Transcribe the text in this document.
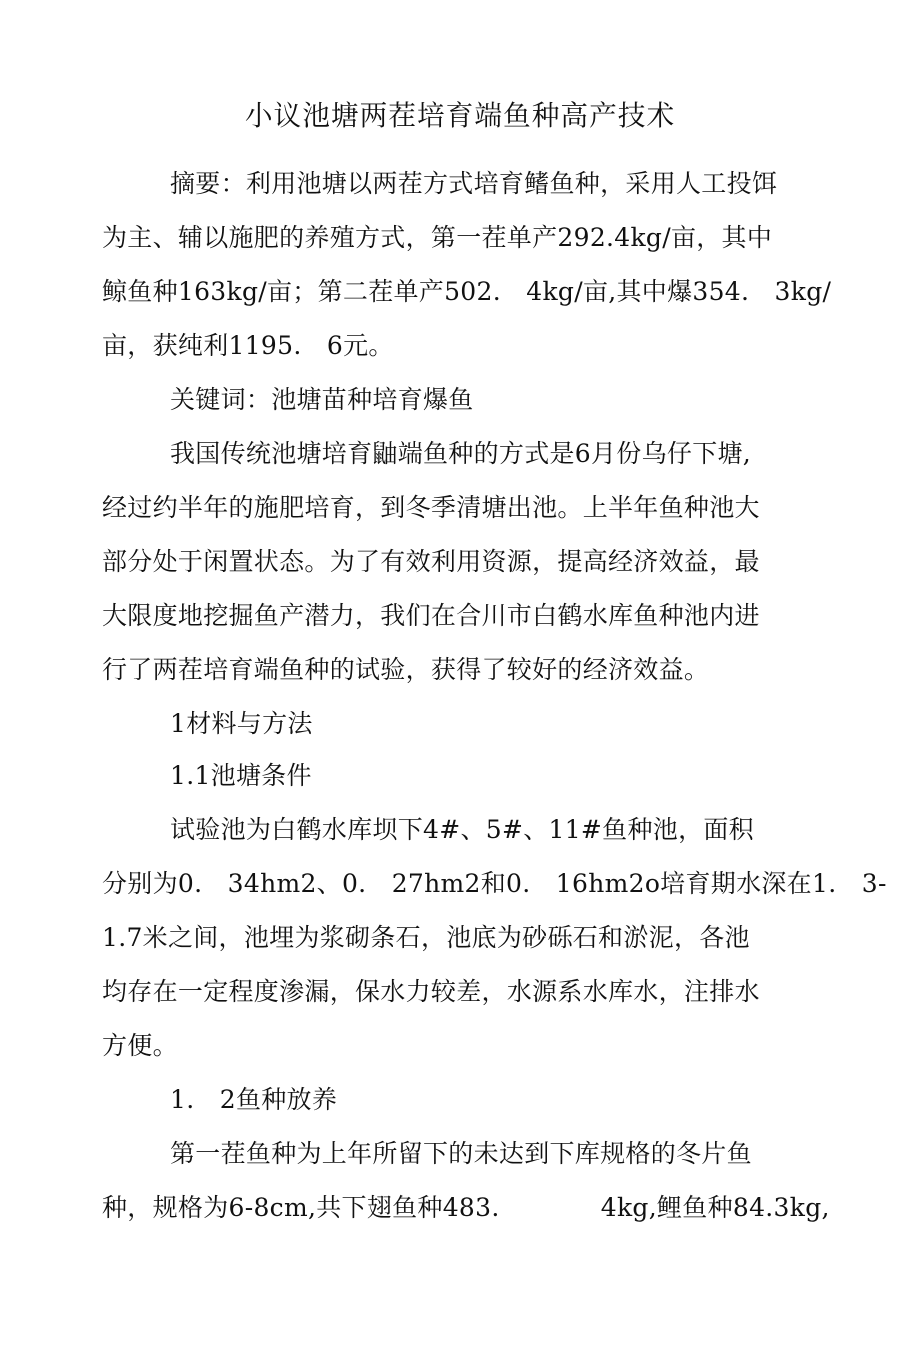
小议池塘两茬培育端鱼种高产技术
摘要：利用池塘以两茬方式培育鳍鱼种，采用人工投饵
为主、辅以施肥的养殖方式，第一茬单产292.4kg/亩，其中
鲸鱼种163kg/亩；第二茬单产502.　4kg/亩,其中爆354.　3kg/
亩，获纯利1195.　6元。
关键词：池塘苗种培育爆鱼
我国传统池塘培育鼬端鱼种的方式是6月份乌仔下塘,
经过约半年的施肥培育，到冬季清塘出池。上半年鱼种池大
部分处于闲置状态。为了有效利用资源，提高经济效益，最
大限度地挖掘鱼产潜力，我们在合川市白鹤水库鱼种池内进
行了两茬培育端鱼种的试验，获得了较好的经济效益。
1材料与方法
1.1池塘条件
试验池为白鹤水库坝下4#、5#、11#鱼种池，面积
分别为0.　34hm2、0.　27hm2和0.　16hm2o培育期水深在1.　3-
1.7米之间，池埋为浆砌条石，池底为砂砾石和淤泥，各池
均存在一定程度渗漏，保水力较差，水源系水库水，注排水
方便。
1.　2鱼种放养
第一茬鱼种为上年所留下的未达到下库规格的冬片鱼
种，规格为6-8cm,共下翅鱼种483.　　　　4kg,鲤鱼种84.3kg,
